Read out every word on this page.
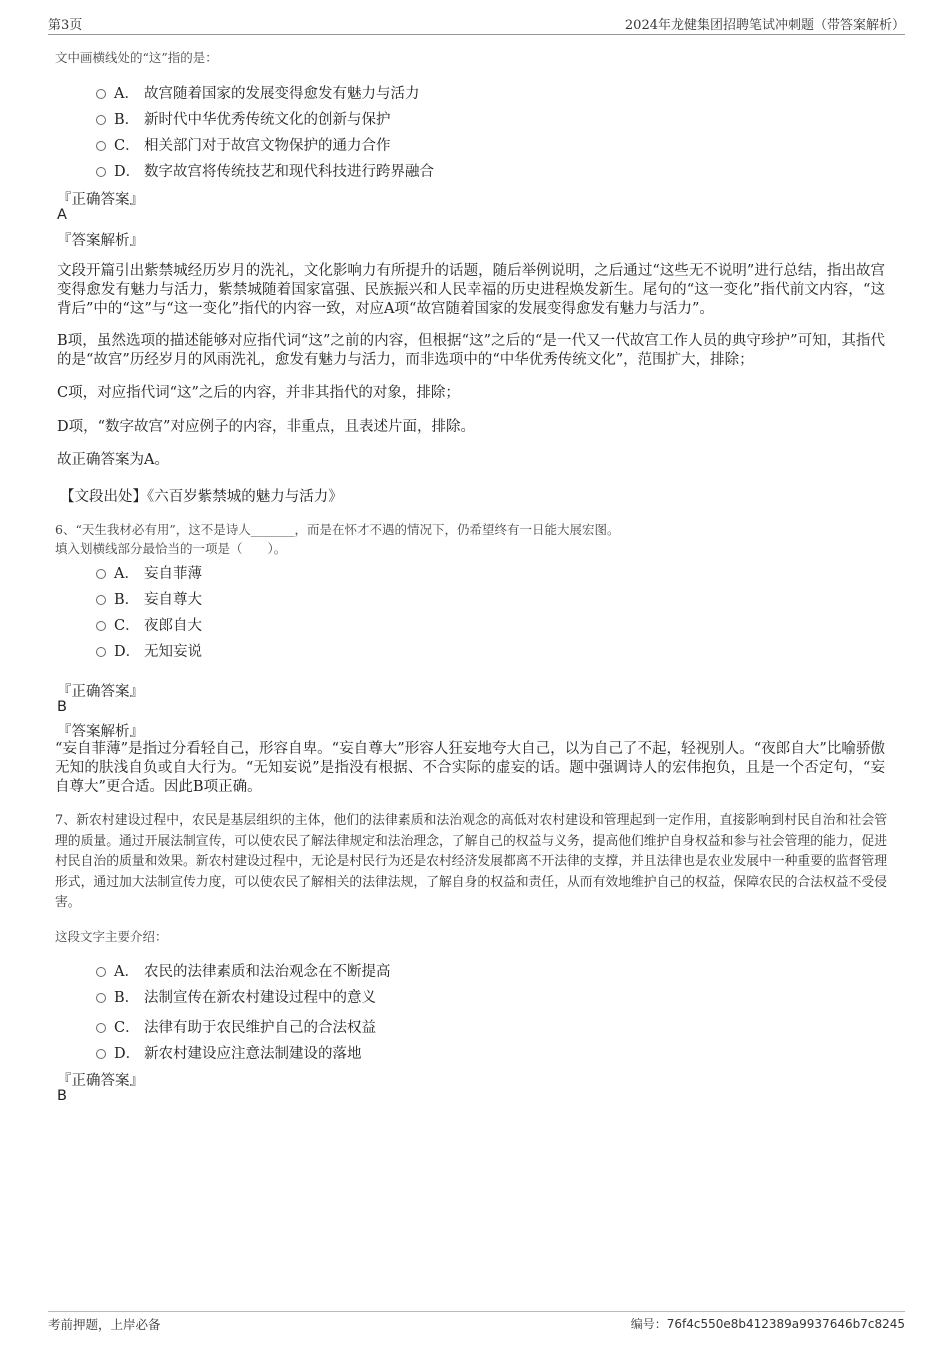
第3页	2024年龙健集团招聘笔试冲刺题（带答案解析）
文中画横线处的“这”指的是：
A． 故宫随着国家的发展变得愈发有魅力与活力
B． 新时代中华优秀传统文化的创新与保护
C． 相关部门对于故宫文物保护的通力合作
D． 数字故宫将传统技艺和现代科技进行跨界融合
『正确答案』
A
『答案解析』
文段开篇引出紫禁城经历岁月的洗礼，文化影响力有所提升的话题，随后举例说明，之后通过“这些无不说明”进行总结，指出故宫变得愈发有魅力与活力，紫禁城随着国家富强、民族振兴和人民幸福的历史进程焕发新生。尾句的“这一变化”指代前文内容，“这背后”中的“这”与“这一变化”指代的内容一致，对应A项“故宫随着国家的发展变得愈发有魅力与活力”。
B项，虽然选项的描述能够对应指代词“这”之前的内容，但根据“这”之后的“是一代又一代故宫工作人员的典守珍护”可知，其指代的是“故宫”历经岁月的风雨洗礼，愈发有魅力与活力，而非选项中的“中华优秀传统文化”，范围扩大，排除；
C项，对应指代词“这”之后的内容，并非其指代的对象，排除；
D项，“数字故宫”对应例子的内容，非重点，且表述片面，排除。
故正确答案为A。
【文段出处】《六百岁紫禁城的魅力与活力》
6、“天生我材必有用”，这不是诗人_______，而是在怀才不遇的情况下，仍希望终有一日能大展宏图。
填入划横线部分最恰当的一项是（　　）。
A． 妄自菲薄
B． 妄自尊大
C． 夜郎自大
D． 无知妄说
『正确答案』
B
『答案解析』
“妄自菲薄”是指过分看轻自己，形容自卑。“妄自尊大”形容人狂妄地夸大自己，以为自己了不起，轻视别人。“夜郎自大”比喻骄傲无知的肤浅自负或自大行为。“无知妄说”是指没有根据、不合实际的虚妄的话。题中强调诗人的宏伟抱负，且是一个否定句，“妄自尊大”更合适。因此B项正确。
7、新农村建设过程中，农民是基层组织的主体，他们的法律素质和法治观念的高低对农村建设和管理起到一定作用，直接影响到村民自治和社会管理的质量。通过开展法制宣传，可以使农民了解法律规定和法治理念，了解自己的权益与义务，提高他们维护自身权益和参与社会管理的能力，促进村民自治的质量和效果。新农村建设过程中，无论是村民行为还是农村经济发展都离不开法律的支撑，并且法律也是农业发展中一种重要的监督管理形式，通过加大法制宣传力度，可以使农民了解相关的法律法规，了解自身的权益和责任，从而有效地维护自己的权益，保障农民的合法权益不受侵害。
这段文字主要介绍：
A． 农民的法律素质和法治观念在不断提高
B． 法制宣传在新农村建设过程中的意义
C． 法律有助于农民维护自己的合法权益
D． 新农村建设应注意法制建设的落地
『正确答案』
B
考前押题，上岸必备	编号：76f4c550e8b412389a9937646b7c8245
